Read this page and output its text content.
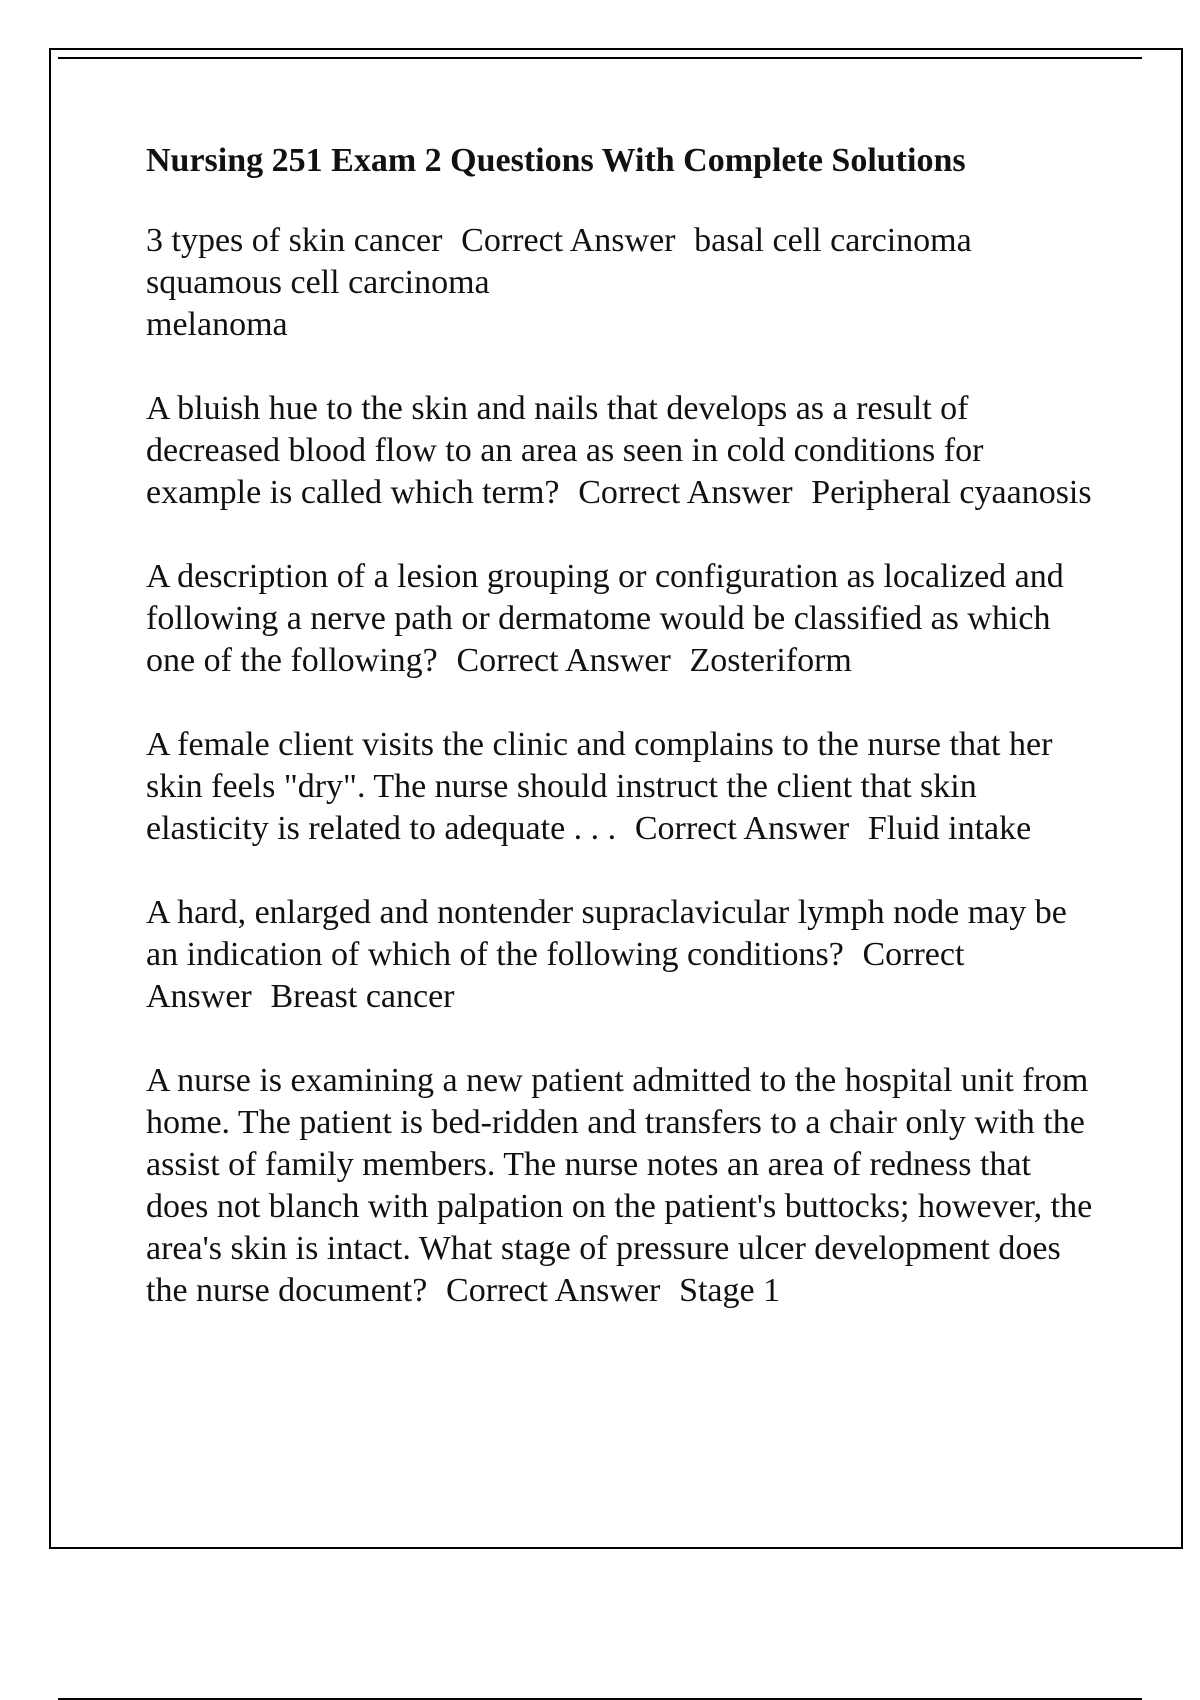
Nursing 251 Exam 2 Questions With Complete Solutions
3 types of skin cancer Correct Answer basal cell carcinoma
squamous cell carcinoma
melanoma
A bluish hue to the skin and nails that develops as a result of decreased blood flow to an area as seen in cold conditions for example is called which term? Correct Answer Peripheral cyaanosis
A description of a lesion grouping or configuration as localized and following a nerve path or dermatome would be classified as which one of the following? Correct Answer Zosteriform
A female client visits the clinic and complains to the nurse that her skin feels "dry". The nurse should instruct the client that skin elasticity is related to adequate . . . Correct Answer Fluid intake
A hard, enlarged and nontender supraclavicular lymph node may be an indication of which of the following conditions? Correct Answer Breast cancer
A nurse is examining a new patient admitted to the hospital unit from home. The patient is bed-ridden and transfers to a chair only with the assist of family members. The nurse notes an area of redness that does not blanch with palpation on the patient's buttocks; however, the area's skin is intact. What stage of pressure ulcer development does the nurse document? Correct Answer Stage 1
